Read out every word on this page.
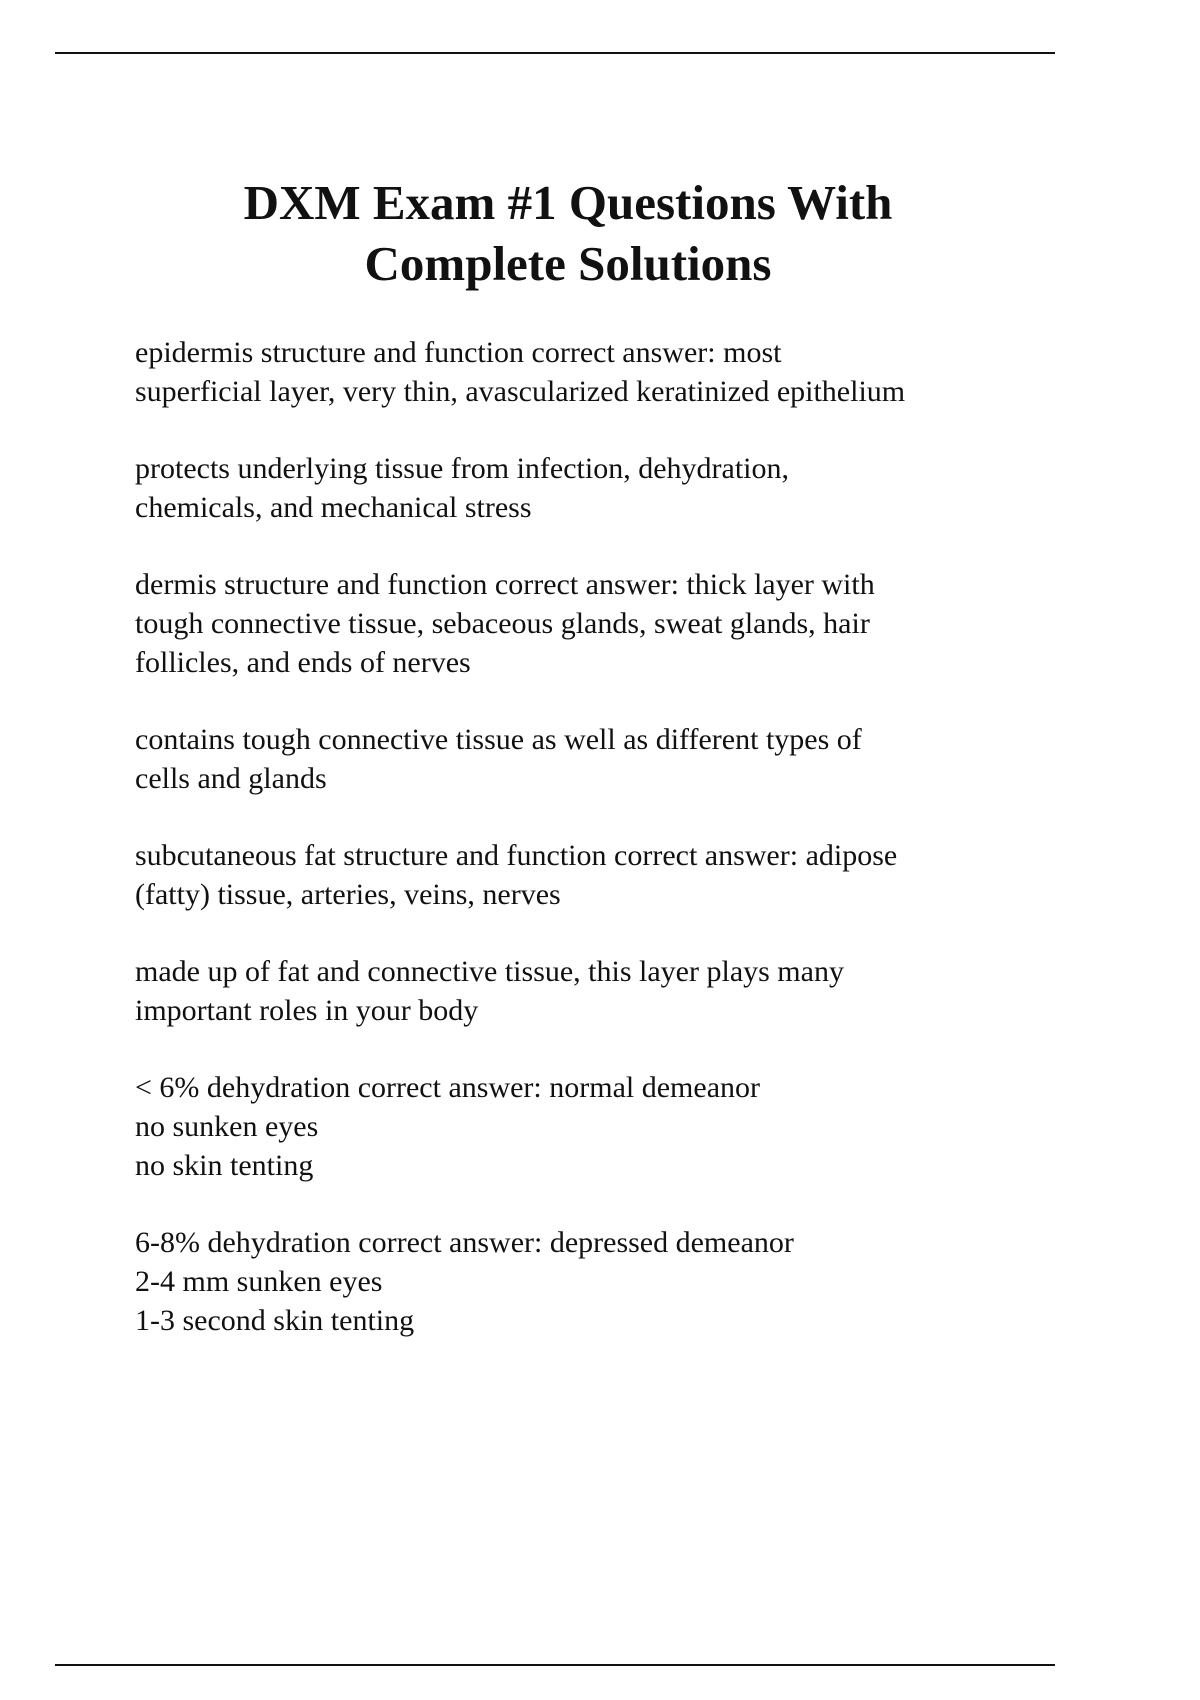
DXM Exam #1 Questions With
Complete Solutions

epidermis structure and function correct answer: most
superficial layer, very thin, avascularized keratinized epithelium

protects underlying tissue from infection, dehydration,
chemicals, and mechanical stress

dermis structure and function correct answer: thick layer with
tough connective tissue, sebaceous glands, sweat glands, hair
follicles, and ends of nerves

contains tough connective tissue as well as different types of
cells and glands

subcutaneous fat structure and function correct answer: adipose
(fatty) tissue, arteries, veins, nerves

made up of fat and connective tissue, this layer plays many
important roles in your body

< 6% dehydration correct answer: normal demeanor
no sunken eyes
no skin tenting

6-8% dehydration correct answer: depressed demeanor
2-4 mm sunken eyes
1-3 second skin tenting
